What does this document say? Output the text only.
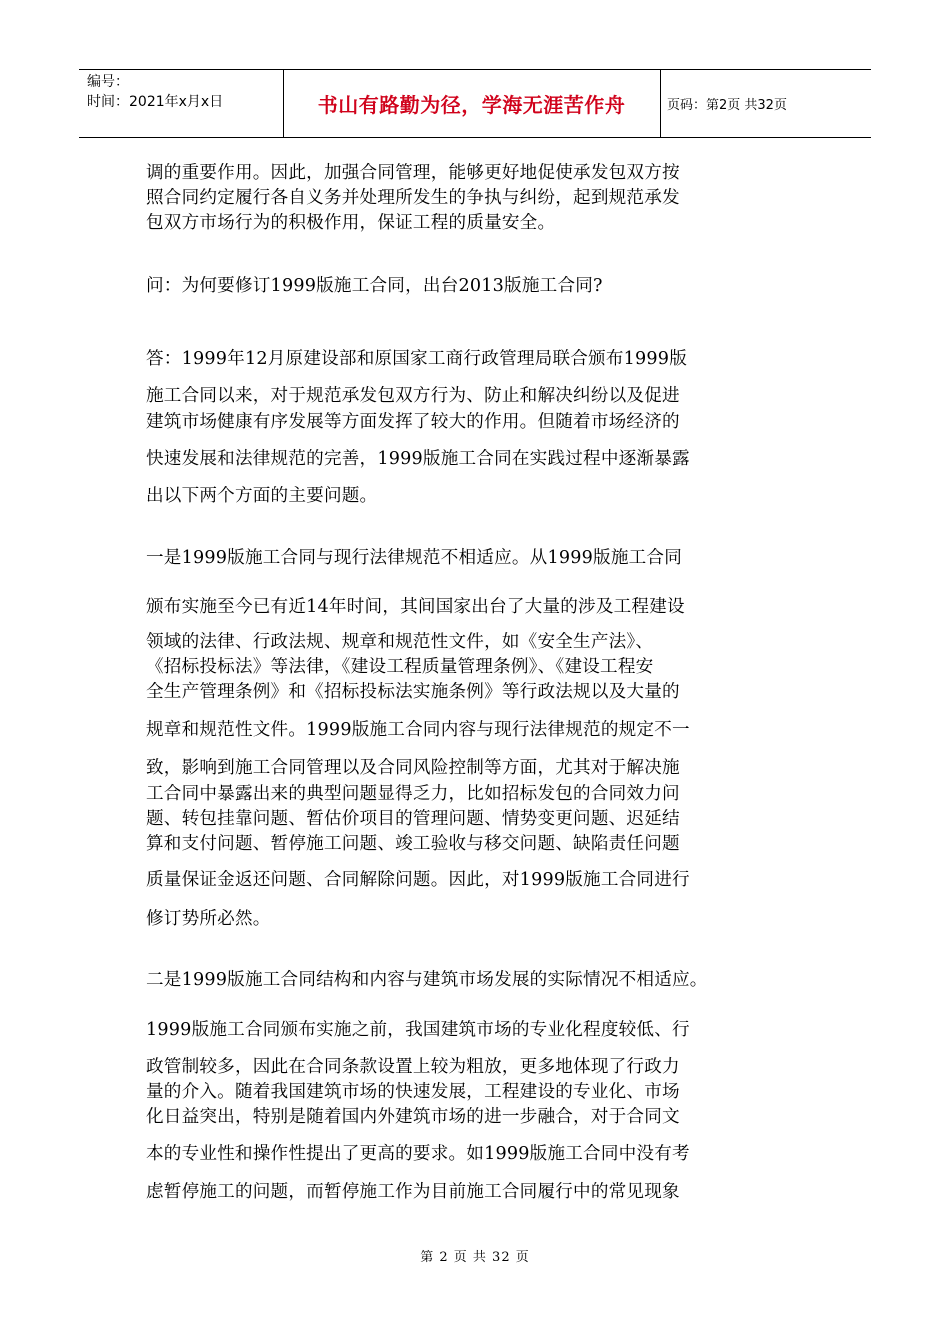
编号：
时间：2021年x月x日	书山有路勤为径，学海无涯苦作舟	页码：第2页 共32页
调的重要作用。因此，加强合同管理，能够更好地促使承发包双方按
照合同约定履行各自义务并处理所发生的争执与纠纷，起到规范承发
包双方市场行为的积极作用，保证工程的质量安全。
问：为何要修订1999版施工合同，出台2013版施工合同?
答：1999年12月原建设部和原国家工商行政管理局联合颁布1999版
施工合同以来，对于规范承发包双方行为、防止和解决纠纷以及促进
建筑市场健康有序发展等方面发挥了较大的作用。但随着市场经济的
快速发展和法律规范的完善，1999版施工合同在实践过程中逐渐暴露
出以下两个方面的主要问题。
一是1999版施工合同与现行法律规范不相适应。从1999版施工合同
颁布实施至今已有近14年时间，其间国家出台了大量的涉及工程建设
领域的法律、行政法规、规章和规范性文件，如《安全生产法》、
《招标投标法》等法律，《建设工程质量管理条例》、《建设工程安
全生产管理条例》和《招标投标法实施条例》等行政法规以及大量的
规章和规范性文件。1999版施工合同内容与现行法律规范的规定不一
致，影响到施工合同管理以及合同风险控制等方面，尤其对于解决施
工合同中暴露出来的典型问题显得乏力，比如招标发包的合同效力问
题、转包挂靠问题、暂估价项目的管理问题、情势变更问题、迟延结
算和支付问题、暂停施工问题、竣工验收与移交问题、缺陷责任问题
质量保证金返还问题、合同解除问题。因此，对1999版施工合同进行
修订势所必然。
二是1999版施工合同结构和内容与建筑市场发展的实际情况不相适应。
1999版施工合同颁布实施之前，我国建筑市场的专业化程度较低、行
政管制较多，因此在合同条款设置上较为粗放，更多地体现了行政力
量的介入。随着我国建筑市场的快速发展，工程建设的专业化、市场
化日益突出，特别是随着国内外建筑市场的进一步融合，对于合同文
本的专业性和操作性提出了更高的要求。如1999版施工合同中没有考
虑暂停施工的问题，而暂停施工作为目前施工合同履行中的常见现象
第 2 页 共 32 页
